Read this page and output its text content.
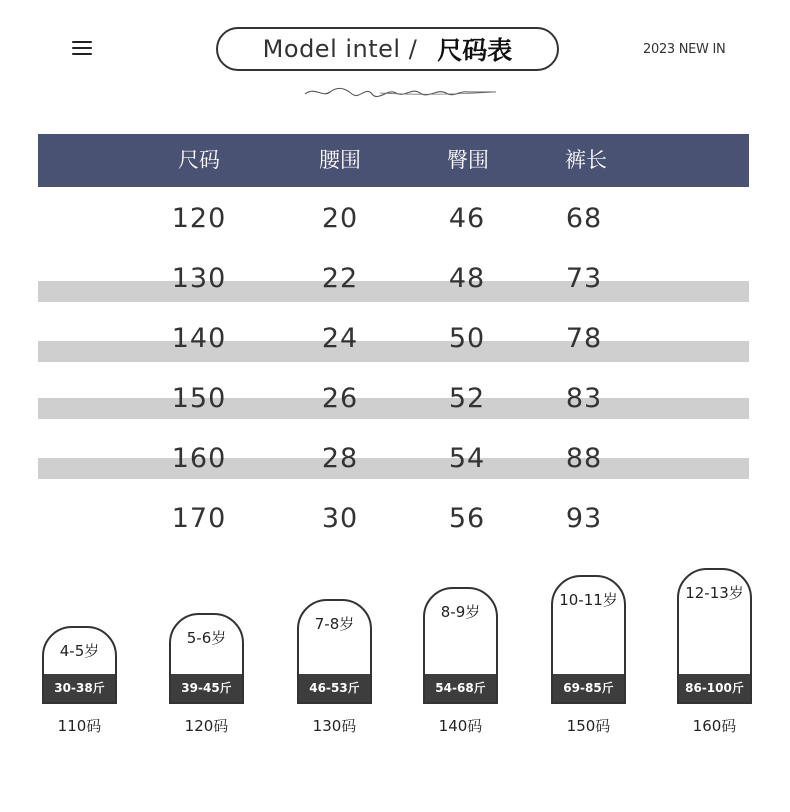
Model intel / 尺码表	2023 NEW IN
尺码	腰围	臀围	裤长
120	20	46	68
130	22	48	73
140	24	50	78
150	26	52	83
160	28	54	88
170	30	56	93
4-5岁
30-38斤
110码
5-6岁
39-45斤
120码
7-8岁
46-53斤
130码
8-9岁
54-68斤
140码
10-11岁
69-85斤
150码
12-13岁
86-100斤
160码
